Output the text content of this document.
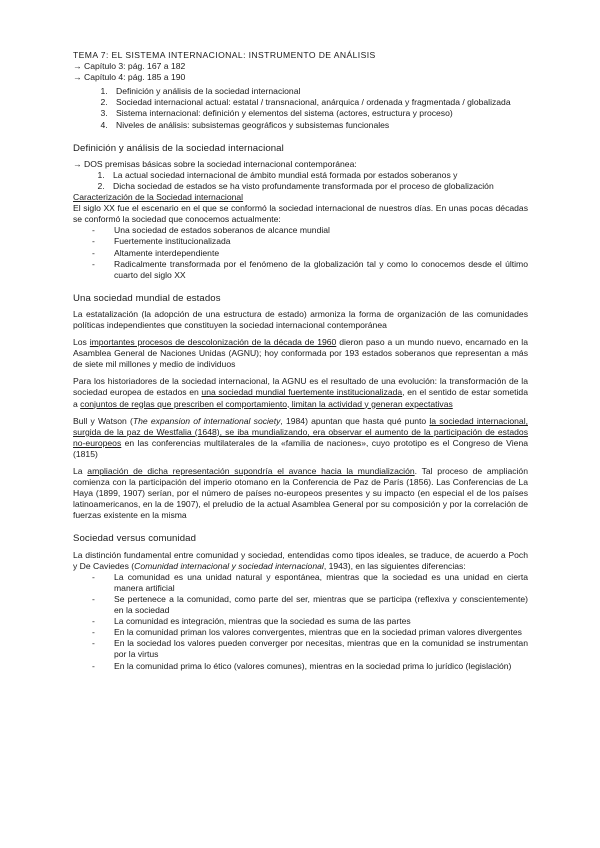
TEMA 7: EL SISTEMA INTERNACIONAL: INSTRUMENTO DE ANÁLISIS

→ Capítulo 3: pág. 167 a 182

→ Capítulo 4: pág. 185 a 190

1. Definición y análisis de la sociedad internacional
2. Sociedad internacional actual: estatal / transnacional, anárquica / ordenada y fragmentada / globalizada
3. Sistema internacional: definición y elementos del sistema (actores, estructura y proceso)
4. Niveles de análisis: subsistemas geográficos y subsistemas funcionales
Definición y análisis de la sociedad internacional

→ DOS premisas básicas sobre la sociedad internacional contemporánea:

1. La actual sociedad internacional de ámbito mundial está formada por estados soberanos y
2. Dicha sociedad de estados se ha visto profundamente transformada por el proceso de globalización

Caracterización de la Sociedad internacional

El siglo XX fue el escenario en el que se conformó la sociedad internacional de nuestros días. En unas pocas décadas se conformó la sociedad que conocemos actualmente:

- Una sociedad de estados soberanos de alcance mundial
- Fuertemente institucionalizada
- Altamente interdependiente
- Radicalmente transformada por el fenómeno de la globalización tal y como lo conocemos desde el último cuarto del siglo XX
Una sociedad mundial de estados

La estatalización (la adopción de una estructura de estado) armoniza la forma de organización de las comunidades políticas independientes que constituyen la sociedad internacional contemporánea

Los importantes procesos de descolonización de la década de 1960 dieron paso a un mundo nuevo, encarnado en la Asamblea General de Naciones Unidas (AGNU); hoy conformada por 193 estados soberanos que representan a más de siete mil millones y medio de individuos

Para los historiadores de la sociedad internacional, la AGNU es el resultado de una evolución: la transformación de la sociedad europea de estados en una sociedad mundial fuertemente institucionalizada, en el sentido de estar sometida a conjuntos de reglas que prescriben el comportamiento, limitan la actividad y generan expectativas

Bull y Watson (The expansion of international society, 1984) apuntan que hasta qué punto la sociedad internacional, surgida de la paz de Westfalia (1648), se iba mundializando, era observar el aumento de la participación de estados no-europeos en las conferencias multilaterales de la «familia de naciones», cuyo prototipo es el Congreso de Viena (1815)

La ampliación de dicha representación supondría el avance hacia la mundialización. Tal proceso de ampliación comienza con la participación del imperio otomano en la Conferencia de Paz de París (1856). Las Conferencias de La Haya (1899, 1907) serían, por el número de países no-europeos presentes y su impacto (en especial el de los países latinoamericanos, en la de 1907), el preludio de la actual Asamblea General por su composición y por la correlación de fuerzas existente en la misma

Sociedad versus comunidad

La distinción fundamental entre comunidad y sociedad, entendidas como tipos ideales, se traduce, de acuerdo a Poch y De Caviedes (Comunidad internacional y sociedad internacional, 1943), en las siguientes diferencias:

- La comunidad es una unidad natural y espontánea, mientras que la sociedad es una unidad en cierta manera artificial
- Se pertenece a la comunidad, como parte del ser, mientras que se participa (reflexiva y conscientemente) en la sociedad
- La comunidad es integración, mientras que la sociedad es suma de las partes
- En la comunidad priman los valores convergentes, mientras que en la sociedad priman valores divergentes
- En la sociedad los valores pueden converger por necesitas, mientras que en la comunidad se instrumentan por la virtus
- En la comunidad prima lo ético (valores comunes), mientras en la sociedad prima lo jurídico (legislación)
